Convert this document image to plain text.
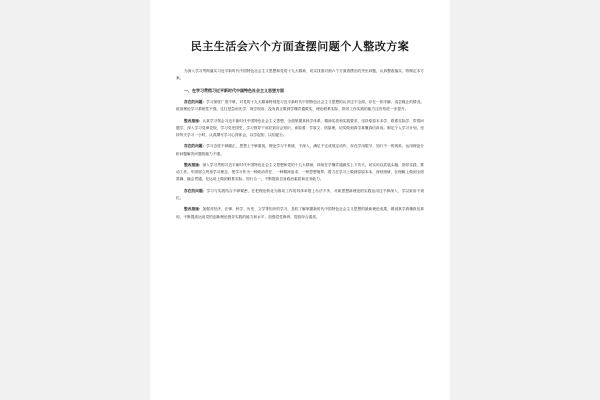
民主生活会六个方面查摆问题个人整改方案

为深入学习贯彻落实习近平新时代中国特色社会主义思想和党的十九大精神，切实找准对照六个方面查摆出的突出问题，认真整改落实，特制定本方案。

一、在学习贯彻习近平新时代中国特色社会主义思想方面

存在的问题：学习深度广度不够，对党的十九大精神特别是习近平新时代中国特色社会主义思想的认识还不全面，存在一知半解、浅尝辄止的情况。政治理论学习系统性不强，往往是急用先学、现学现用，没有真正做到学懂弄通做实，理论联系实际、指导工作实践的能力还有待进一步提升。

整改措施：认真学习领会习近平新时代中国特色社会主义思想，全面掌握其科学体系、精神实质和实践要求，坚持原原本本学、联系实际学、带着问题学，深入学习党章党规，学习党史国史，学习领导干部应知应会知识，读原著、学原文、悟原理，切实做到真学真懂真信真用。制定个人学习计划，坚持每天学习一小时，认真撰写学习心得体会，以学促知、以知促行。

存在的问题：学习态度不够端正，思想上不够重视，理论学习不系统、不深入，满足于完成规定动作，存在学用脱节、知行不一的现象，运用理论分析问题解决问题的能力不强。

整改措施：深入学习贯彻习近平新时代中国特色社会主义思想和党的十九大精神，持续在学懂弄通做实上下功夫，切实用以武装头脑、指导实践、推动工作。牢固树立终身学习理念，把学习作为一种政治责任、一种精神追求、一种思想境界，着力在学习上做到原原本本、深钻细研，在理解上做到全面准确、融会贯通，在运用上做到联系实际、知行合一，不断提高自身政治素质和业务能力。

存在的问题：学习与实践结合不够紧密，在把理论转化为推动工作的具体举措上办法不多，对新思想新理论的实践运用还不够深入，学以致用不到位。

整改措施：加强对经济、法律、科学、历史、文学等知识的学习，及时了解掌握新时代中国特色社会主义思想的最新理论成果，做到真学真懂真信真用，不断提高运用党的创新理论指导实践的能力和水平，加强党性修养，提高综合素质。
